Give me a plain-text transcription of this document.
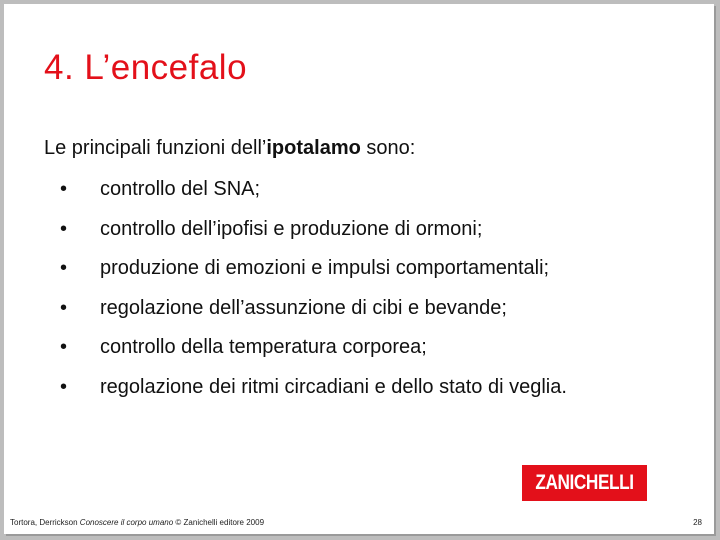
4. L’encefalo
Le principali funzioni dell’ipotalamo sono:
• controllo del SNA;
• controllo dell’ipofisi e produzione di ormoni;
• produzione di emozioni e impulsi comportamentali;
• regolazione dell’assunzione di cibi e bevande;
• controllo della temperatura corporea;
• regolazione dei ritmi circadiani e dello stato di veglia.
ZANICHELLI
Tortora, Derrickson Conoscere il corpo umano © Zanichelli editore 2009	28
